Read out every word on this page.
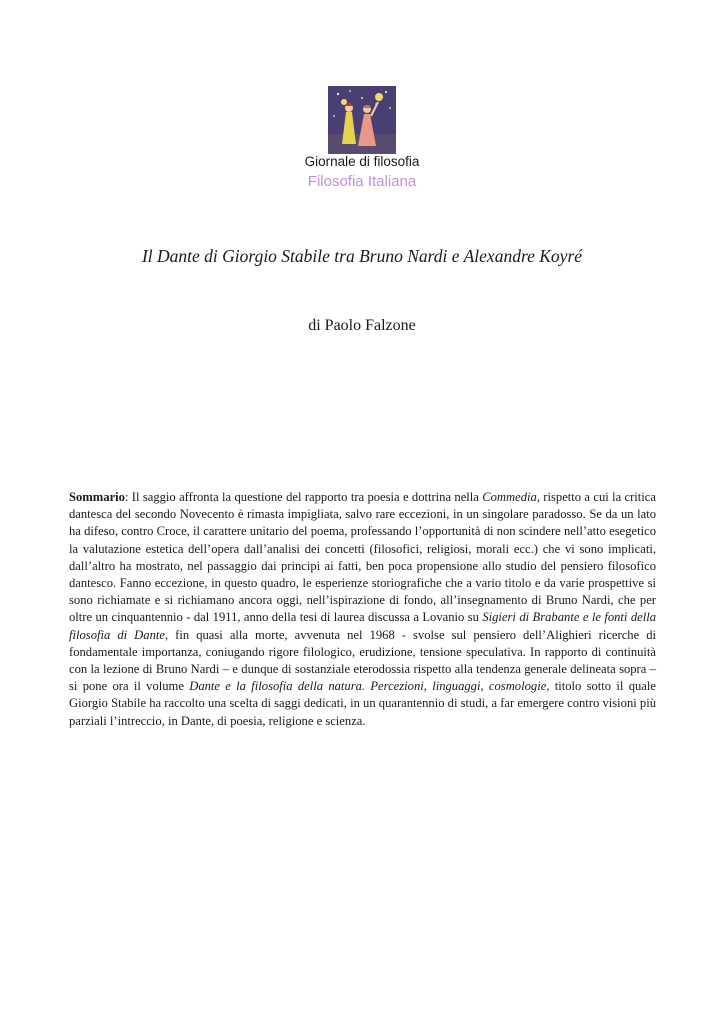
Giornale di filosofia
Filosofia Italiana
Il Dante di Giorgio Stabile tra Bruno Nardi e Alexandre Koyré
di Paolo Falzone
Sommario: Il saggio affronta la questione del rapporto tra poesia e dottrina nella Commedia, rispetto a cui la critica dantesca del secondo Novecento è rimasta impigliata, salvo rare eccezioni, in un singolare paradosso. Se da un lato ha difeso, contro Croce, il carattere unitario del poema, professando l’opportunità di non scindere nell’atto esegetico la valutazione estetica dell’opera dall’analisi dei concetti (filosofici, religiosi, morali ecc.) che vi sono implicati, dall’altro ha mostrato, nel passaggio dai principi ai fatti, ben poca propensione allo studio del pensiero filosofico dantesco. Fanno eccezione, in questo quadro, le esperienze storiografiche che a vario titolo e da varie prospettive si sono richiamate e si richiamano ancora oggi, nell’ispirazione di fondo, all’insegnamento di Bruno Nardi, che per oltre un cinquantennio - dal 1911, anno della tesi di laurea discussa a Lovanio su Sigieri di Brabante e le fonti della filosofia di Dante, fin quasi alla morte, avvenuta nel 1968 - svolse sul pensiero dell’Alighieri ricerche di fondamentale importanza, coniugando rigore filologico, erudizione, tensione speculativa. In rapporto di continuità con la lezione di Bruno Nardi – e dunque di sostanziale eterodossia rispetto alla tendenza generale delineata sopra – si pone ora il volume Dante e la filosofia della natura. Percezioni, linguaggi, cosmologie, titolo sotto il quale Giorgio Stabile ha raccolto una scelta di saggi dedicati, in un quarantennio di studi, a far emergere contro visioni più parziali l’intreccio, in Dante, di poesia, religione e scienza.
